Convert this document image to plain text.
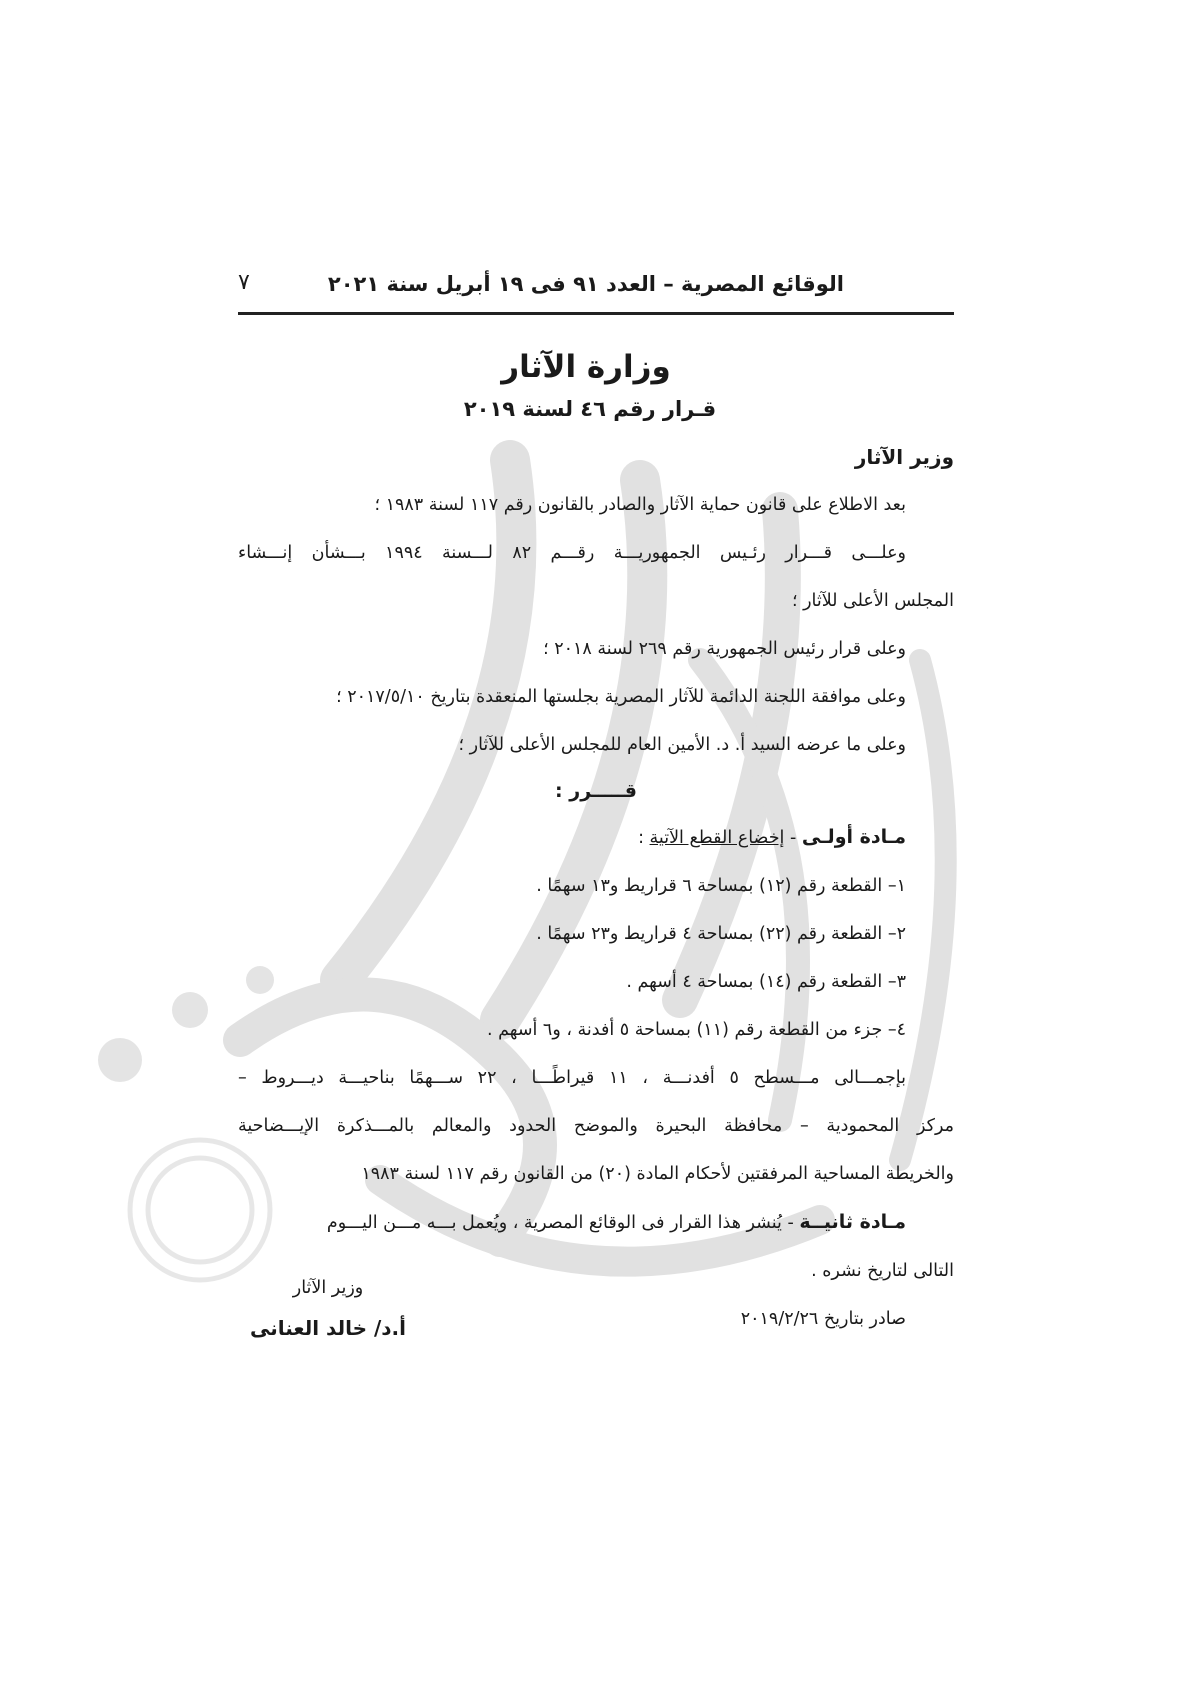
الوقائع المصرية – العدد ٩١ فى ١٩ أبريل سنة ٢٠٢١
٧
وزارة الآثار
قـرار رقم ٤٦ لسنة ٢٠١٩
وزير الآثار

بعد الاطلاع على قانون حماية الآثار والصادر بالقانون رقم ١١٧ لسنة ١٩٨٣ ؛

وعلـــى قـــرار رئـيس الجمهوريـــة رقـــم ٨٢ لـــسنة ١٩٩٤ بـــشأن إنـــشاء

المجلس الأعلى للآثار ؛

وعلى قرار رئيس الجمهورية رقم ٢٦٩ لسنة ٢٠١٨ ؛

وعلى موافقة اللجنة الدائمة للآثار المصرية بجلستها المنعقدة بتاريخ ٢٠١٧/٥/١٠ ؛

وعلى ما عرضه السيد أ. د. الأمين العام للمجلس الأعلى للآثار ؛

قـــــرر :

مـادة أولـى - إخضاع القطع الآتية :

١– القطعة رقم (١٢) بمساحة ٦ قراريط و١٣ سهمًا .

٢– القطعة رقم (٢٢) بمساحة ٤ قراريط و٢٣ سهمًا .

٣– القطعة رقم (١٤) بمساحة ٤ أسهم .

٤– جزء من القطعة رقم (١١) بمساحة ٥ أفدنة ، و٦ أسهم .

بإجمـــالى مـــسطح ٥ أفدنـــة ، ١١ قيراطًـــا ، ٢٢ ســـهمًا بناحيـــة ديـــروط –

مركز المحمودية – محافظة البحيرة والموضح الحدود والمعالم بالمـــذكرة الإيـــضاحية

والخريطة المساحية المرفقتين لأحكام المادة (٢٠) من القانون رقم ١١٧ لسنة ١٩٨٣

مـادة ثانيــة - يُنشر هذا القرار فى الوقائع المصرية ، ويُعمل بـــه مـــن اليـــوم

التالى لتاريخ نشره .

صادر بتاريخ ٢٠١٩/٢/٢٦
وزير الآثار
أ.د/ خالد العنانى
